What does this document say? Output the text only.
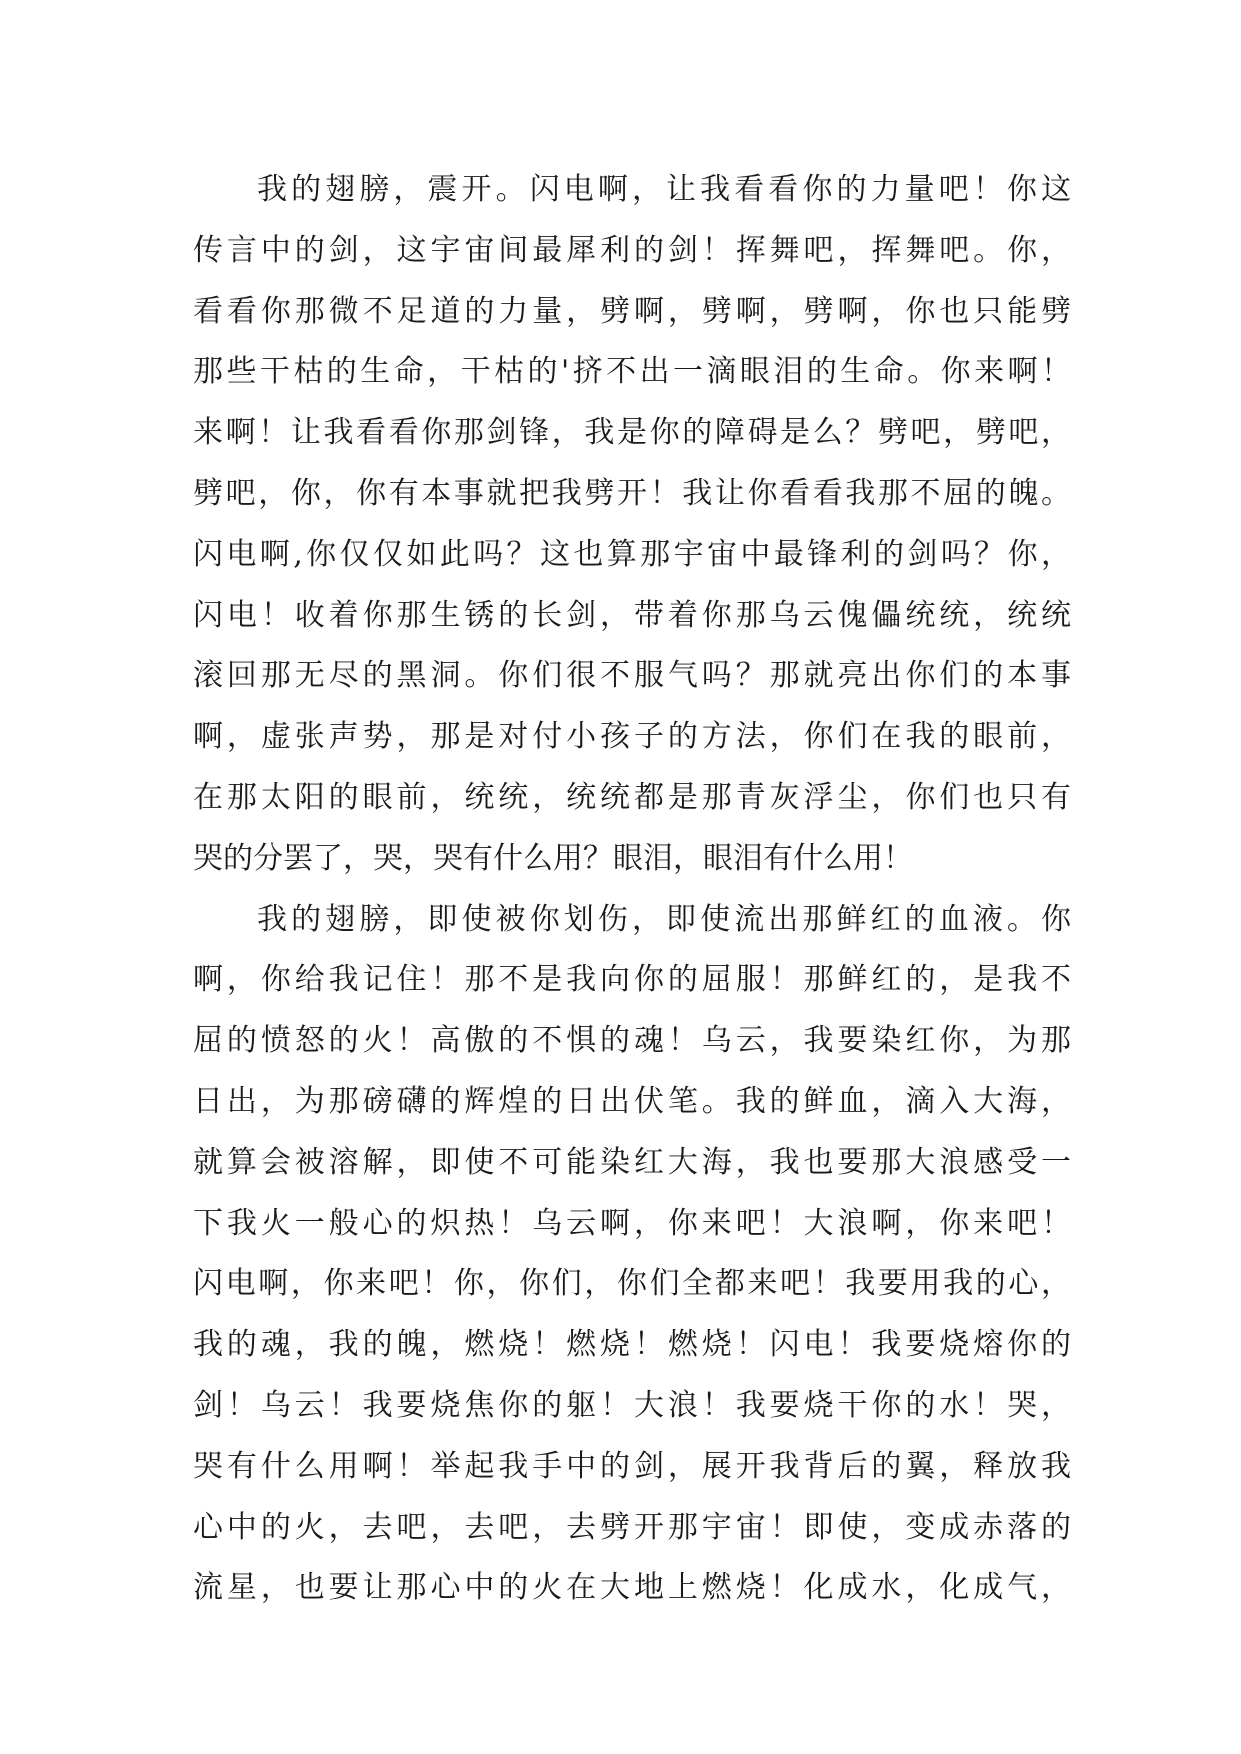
我的翅膀，震开。闪电啊，让我看看你的力量吧！你这
传言中的剑，这宇宙间最犀利的剑！挥舞吧，挥舞吧。你，
看看你那微不足道的力量，劈啊，劈啊，劈啊，你也只能劈
那些干枯的生命，干枯的'挤不出一滴眼泪的生命。你来啊！
来啊！让我看看你那剑锋，我是你的障碍是么？劈吧，劈吧，
劈吧，你，你有本事就把我劈开！我让你看看我那不屈的魄。
闪电啊,你仅仅如此吗？这也算那宇宙中最锋利的剑吗？你，
闪电！收着你那生锈的长剑，带着你那乌云傀儡统统，统统
滚回那无尽的黑洞。你们很不服气吗？那就亮出你们的本事
啊，虚张声势，那是对付小孩子的方法，你们在我的眼前，
在那太阳的眼前，统统，统统都是那青灰浮尘，你们也只有
哭的分罢了，哭，哭有什么用？眼泪，眼泪有什么用！
我的翅膀，即使被你划伤，即使流出那鲜红的血液。你
啊，你给我记住！那不是我向你的屈服！那鲜红的，是我不
屈的愤怒的火！高傲的不惧的魂！乌云，我要染红你，为那
日出，为那磅礴的辉煌的日出伏笔。我的鲜血，滴入大海，
就算会被溶解，即使不可能染红大海，我也要那大浪感受一
下我火一般心的炽热！乌云啊，你来吧！大浪啊，你来吧！
闪电啊，你来吧！你，你们，你们全都来吧！我要用我的心，
我的魂，我的魄，燃烧！燃烧！燃烧！闪电！我要烧熔你的
剑！乌云！我要烧焦你的躯！大浪！我要烧干你的水！哭，
哭有什么用啊！举起我手中的剑，展开我背后的翼，释放我
心中的火，去吧，去吧，去劈开那宇宙！即使，变成赤落的
流星，也要让那心中的火在大地上燃烧！化成水，化成气，
